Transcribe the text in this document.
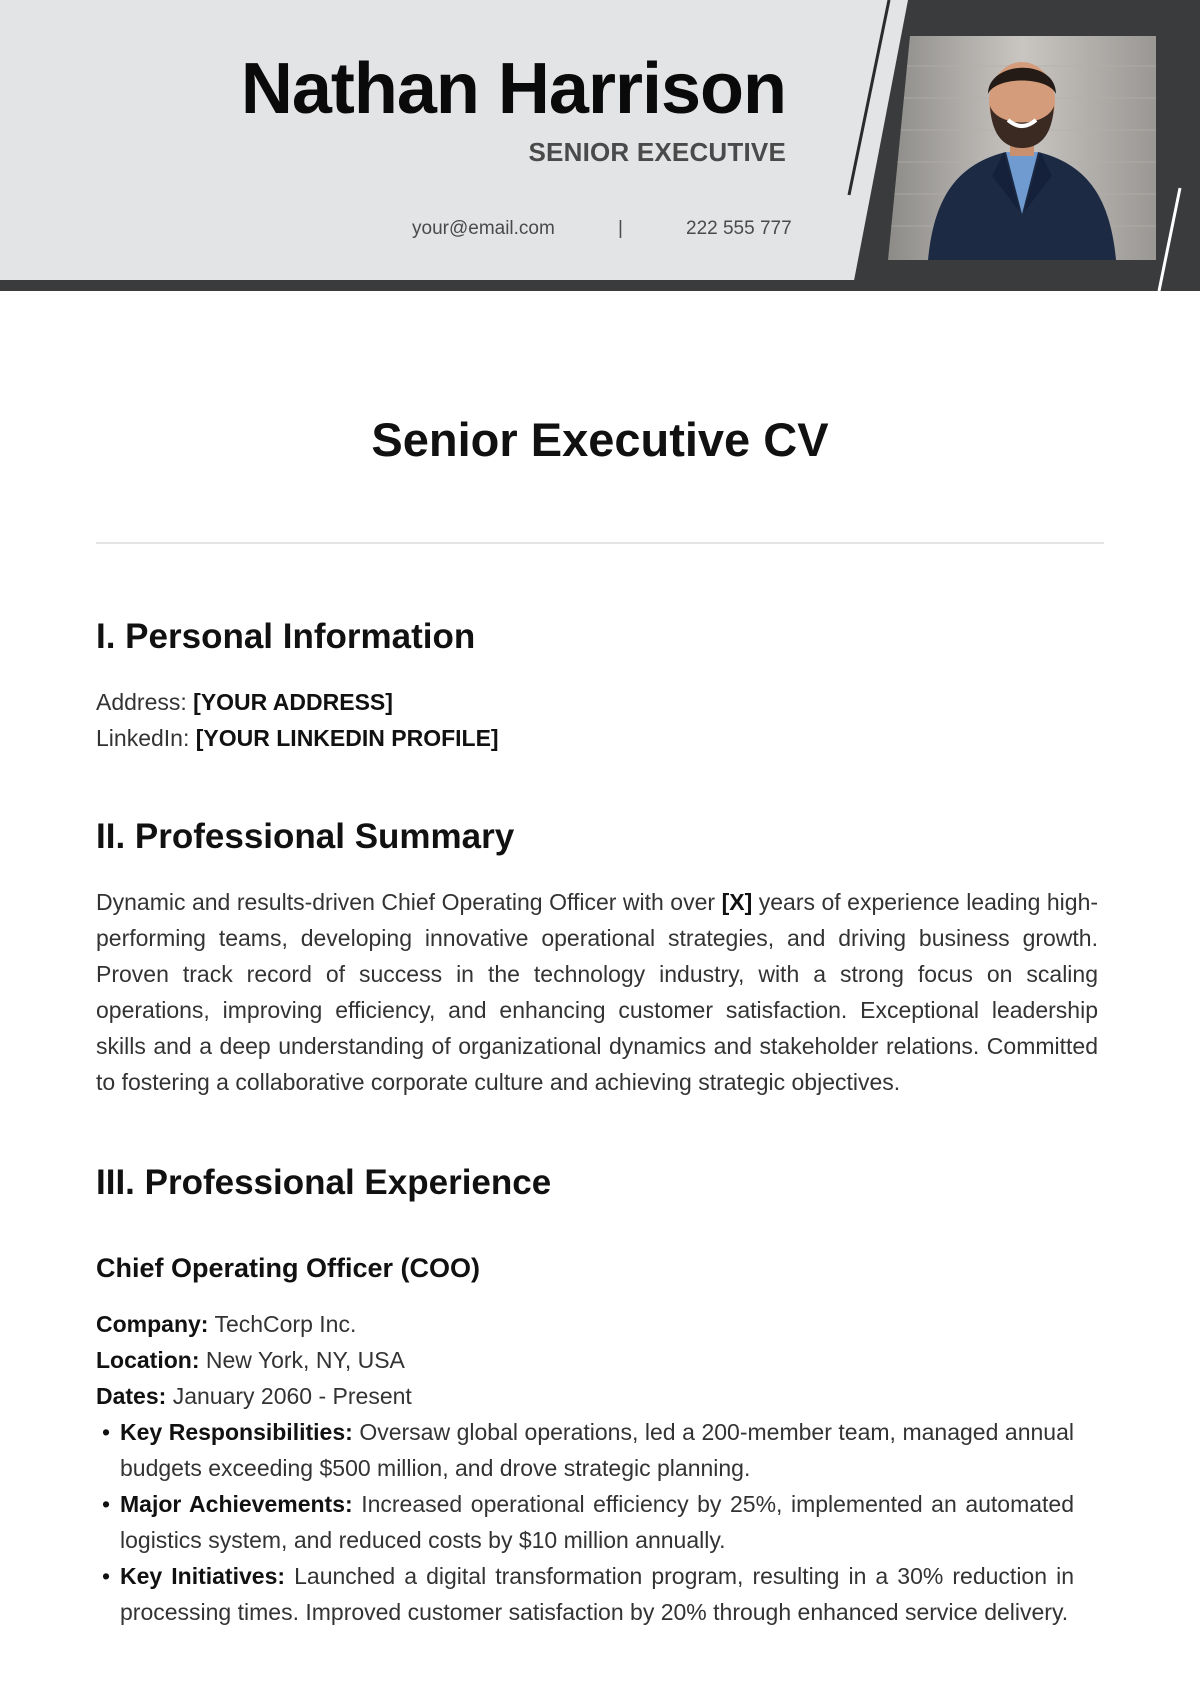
Nathan Harrison

SENIOR EXECUTIVE

your@email.com	|	222 555 777
Senior Executive CV
I. Personal Information
Address: [YOUR ADDRESS]
LinkedIn: [YOUR LINKEDIN PROFILE]
II. Professional Summary

Dynamic and results-driven Chief Operating Officer with over [X] years of experience leading high-performing teams, developing innovative operational strategies, and driving business growth. Proven track record of success in the technology industry, with a strong focus on scaling operations, improving efficiency, and enhancing customer satisfaction. Exceptional leadership skills and a deep understanding of organizational dynamics and stakeholder relations. Committed to fostering a collaborative corporate culture and achieving strategic objectives.

III. Professional Experience
Chief Operating Officer (COO)
Company: TechCorp Inc.
Location: New York, NY, USA
Dates: January 2060 - Present
• Key Responsibilities: Oversaw global operations, led a 200-member team, managed annual budgets exceeding $500 million, and drove strategic planning.
• Major Achievements: Increased operational efficiency by 25%, implemented an automated logistics system, and reduced costs by $10 million annually.
• Key Initiatives: Launched a digital transformation program, resulting in a 30% reduction in processing times. Improved customer satisfaction by 20% through enhanced service delivery.
